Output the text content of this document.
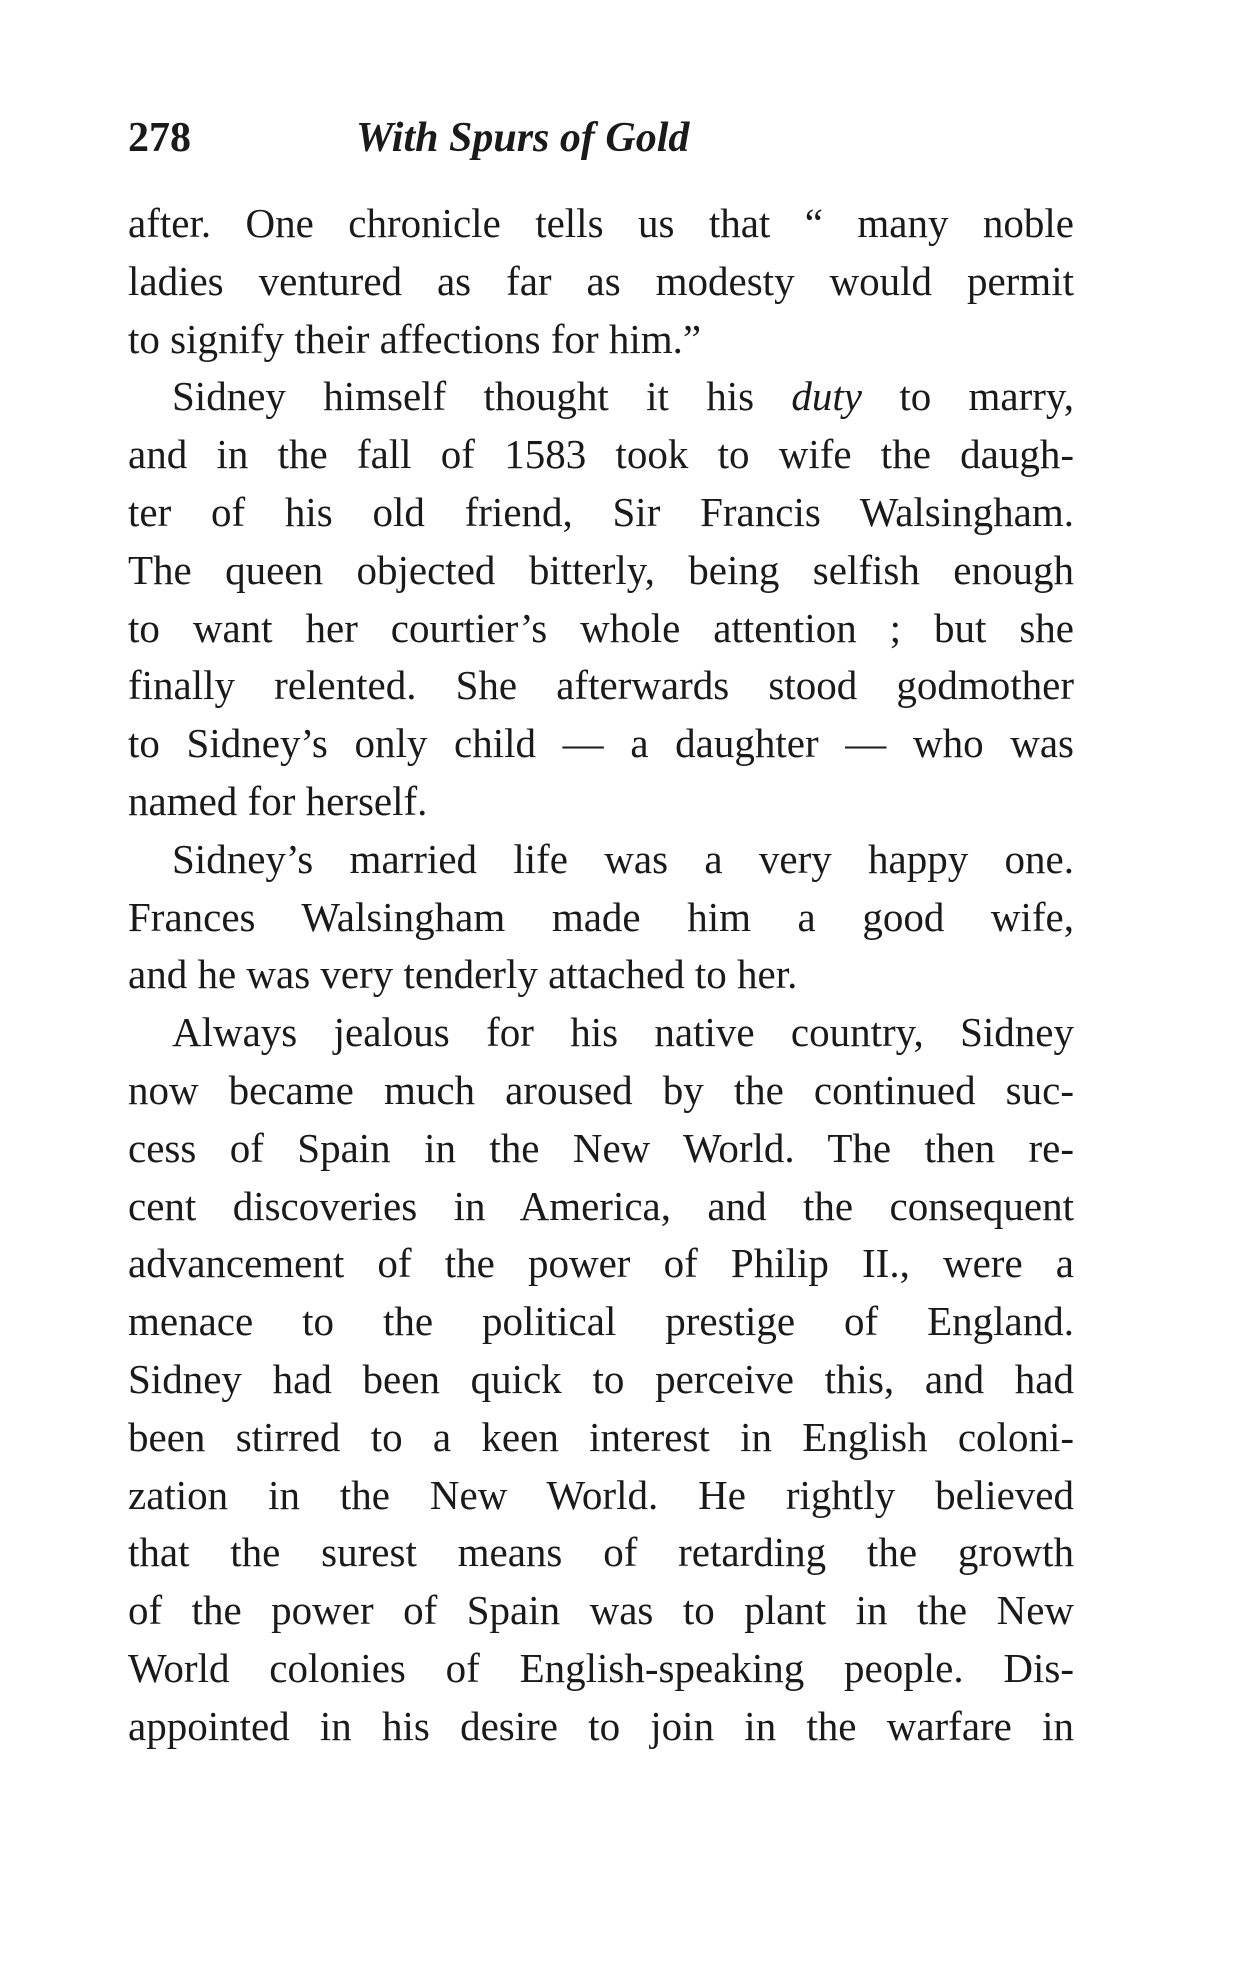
278	With Spurs of Gold
after. One chronicle tells us that “ many noble
ladies ventured as far as modesty would permit
to signify their affections for him.”
Sidney himself thought it his duty to marry,
and in the fall of 1583 took to wife the daugh-
ter of his old friend, Sir Francis Walsingham.
The queen objected bitterly, being selfish enough
to want her courtier’s whole attention ; but she
finally relented. She afterwards stood godmother
to Sidney’s only child — a daughter — who was
named for herself.
Sidney’s married life was a very happy one.
Frances Walsingham made him a good wife,
and he was very tenderly attached to her.
Always jealous for his native country, Sidney
now became much aroused by the continued suc-
cess of Spain in the New World. The then re-
cent discoveries in America, and the consequent
advancement of the power of Philip II., were a
menace to the political prestige of England.
Sidney had been quick to perceive this, and had
been stirred to a keen interest in English coloni-
zation in the New World. He rightly believed
that the surest means of retarding the growth
of the power of Spain was to plant in the New
World colonies of English-speaking people. Dis-
appointed in his desire to join in the warfare in
